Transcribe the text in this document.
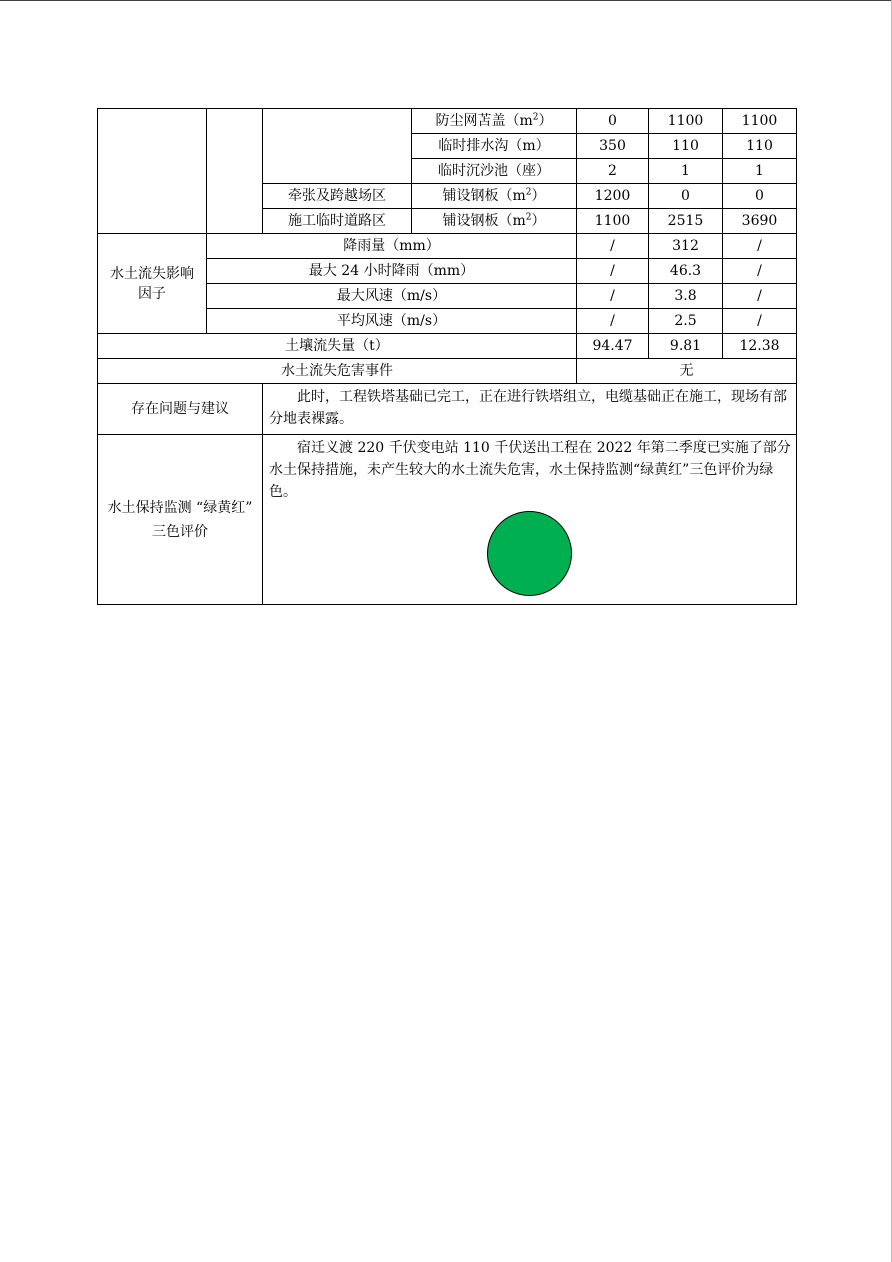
			防尘网苫盖$(m^2)$	0	1100	1100
			临时排水沟（m）	350	110	110
			临时沉沙池（座）	2	1	1
		牵张及跨越场区	铺设钢板$(m^2)$	1200	0	0
		施工临时道路区	铺设钢板$(m^2)$	1100	2515	3690
水土流失影响因子	降雨量（mm）			/	312	/
	最大 24 小时降雨（mm）			/	46.3	/
	最大风速（m/s）			/	3.8	/
	平均风速（m/s）			/	2.5	/
土壤流失量（t）				94.47	9.81	12.38
水土流失危害事件				无		
存在问题与建议		此时，工程铁塔基础已完工，正在进行铁塔组立，电缆基础正在施工，现场有部分地表裸露。				
水土保持监测 “绿黄红” 三色评价		宿迁义渡 220 千伏变电站 110 千伏送出工程在 2022 年第二季度已实施了部分水土保持措施，未产生较大的水土流失危害，水土保持监测“绿黄红”三色评价为绿色。				
